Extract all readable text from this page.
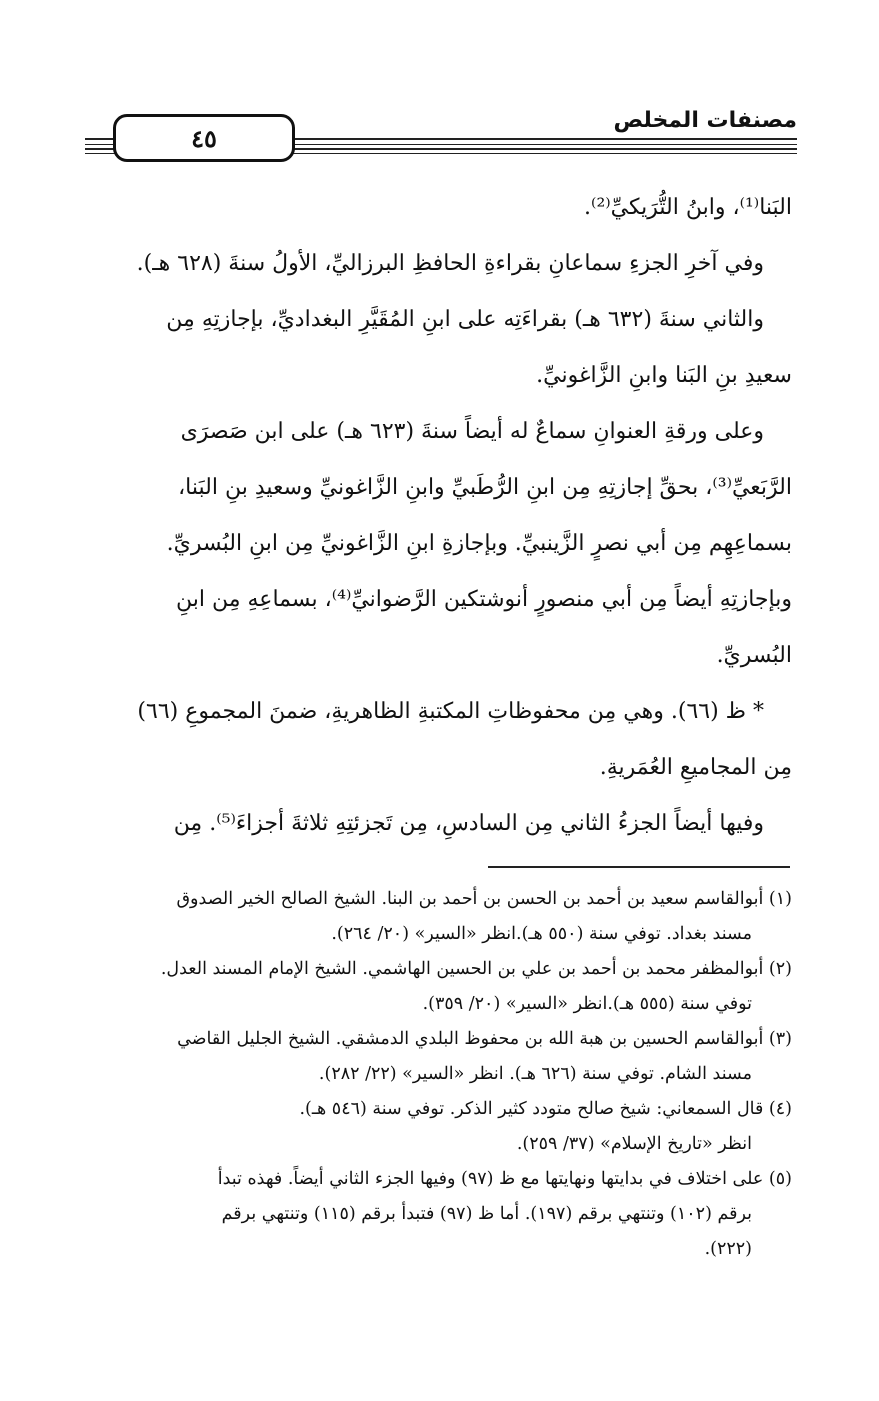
مصنفات المخلص
٤٥
البَنا⁽¹⁾، وابنُ التُّرَيكيِّ⁽²⁾.
وفي آخرِ الجزءِ سماعانِ بقراءةِ الحافظِ البرزاليِّ، الأولُ سنةَ (٦٢٨ هـ).
والثاني سنةَ (٦٣٢ هـ) بقراءَتِه على ابنِ المُقَيَّرِ البغداديِّ، بإجازتِهِ مِن
سعيدِ بنِ البَنا وابنِ الزَّاغونيِّ.
وعلى ورقةِ العنوانِ سماعٌ له أيضاً سنةَ (٦٢٣ هـ) على ابن صَصرَى
الرَّبَعيِّ⁽³⁾، بحقِّ إجازتِهِ مِن ابنِ الرُّطَبيِّ وابنِ الزَّاغونيِّ وسعيدِ بنِ البَنا،
بسماعِهِم مِن أبي نصرٍ الزَّينبيِّ. وبإجازةِ ابنِ الزَّاغونيِّ مِن ابنِ البُسريِّ.
وبإجازتِهِ أيضاً مِن أبي منصورٍ أنوشتكين الرَّضوانيِّ⁽⁴⁾، بسماعِهِ مِن ابنِ
البُسريِّ.
* ظ (٦٦). وهي مِن محفوظاتِ المكتبةِ الظاهريةِ، ضمنَ المجموعِ (٦٦)
مِن المجاميعِ العُمَريةِ.
وفيها أيضاً الجزءُ الثاني مِن السادسِ، مِن تَجزئتِهِ ثلاثةَ أجزاءَ⁽⁵⁾. مِن
(١) أبوالقاسم سعيد بن أحمد بن الحسن بن أحمد بن البنا. الشيخ الصالح الخير الصدوق
مسند بغداد. توفي سنة (٥٥٠ هـ).انظر «السير» (٢٠/ ٢٦٤).
(٢) أبوالمظفر محمد بن أحمد بن علي بن الحسين الهاشمي. الشيخ الإمام المسند العدل.
توفي سنة (٥٥٥ هـ).انظر «السير» (٢٠/ ٣٥٩).
(٣) أبوالقاسم الحسين بن هبة الله بن محفوظ البلدي الدمشقي. الشيخ الجليل القاضي
مسند الشام. توفي سنة (٦٢٦ هـ). انظر «السير» (٢٢/ ٢٨٢).
(٤) قال السمعاني: شيخ صالح متودد كثير الذكر. توفي سنة (٥٤٦ هـ).
انظر «تاريخ الإسلام» (٣٧/ ٢٥٩).
(٥) على اختلاف في بدايتها ونهايتها مع ظ (٩٧) وفيها الجزء الثاني أيضاً. فهذه تبدأ
برقم (١٠٢) وتنتهي برقم (١٩٧). أما ظ (٩٧) فتبدأ برقم (١١٥) وتنتهي برقم
(٢٢٢).
